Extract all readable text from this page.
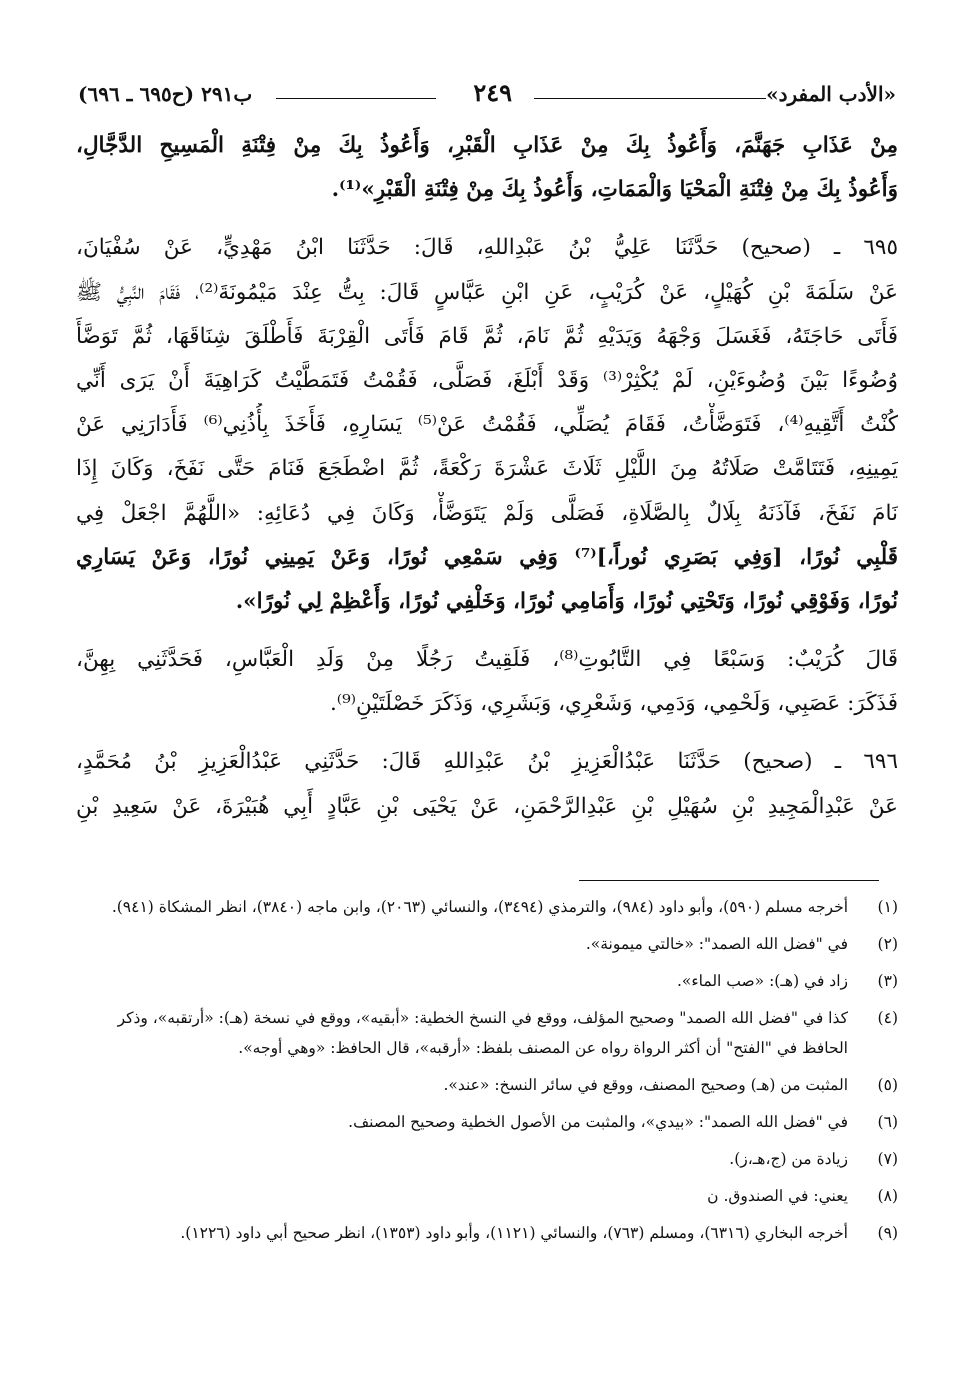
«الأدب المفرد»
٢٤٩
ب٢٩١ (ح٦٩٥ ـ ٦٩٦)
مِنْ عَذَابِ جَهَنَّمَ، وَأَعُوذُ بِكَ مِنْ عَذَابِ الْقَبْرِ، وَأَعُوذُ بِكَ مِنْ فِتْنَةِ الْمَسِيحِ الدَّجَّالِ،
وَأَعُوذُ بِكَ مِنْ فِتْنَةِ الْمَحْيَا وَالْمَمَاتِ، وَأَعُوذُ بِكَ مِنْ فِتْنَةِ الْقَبْرِ»⁽¹⁾.
٦٩٥ ـ (صحيح) حَدَّثَنَا عَلِيُّ بْنُ عَبْدِاللهِ، قَالَ: حَدَّثَنَا ابْنُ مَهْدِيٍّ، عَنْ سُفْيَانَ،
عَنْ سَلَمَةَ بْنِ كُهَيْلٍ، عَنْ كُرَيْبٍ، عَنِ ابْنِ عَبَّاسٍ قَالَ: بِتُّ عِنْدَ مَيْمُونَةَ⁽²⁾، فَقَامَ النَّبِيُّ ﷺ
فَأَتَى حَاجَتَهُ، فَغَسَلَ وَجْهَهُ وَيَدَيْهِ ثُمَّ نَامَ، ثُمَّ قَامَ فَأَتَى الْقِرْبَةَ فَأَطْلَقَ شِنَاقَهَا، ثُمَّ تَوَضَّأَ
وُضُوءًا بَيْنَ وُضُوءَيْنِ، لَمْ يُكْثِرْ⁽³⁾ وَقَدْ أَبْلَغَ، فَصَلَّى، فَقُمْتُ فَتَمَطَّيْتُ كَرَاهِيَةَ أَنْ يَرَى أَنِّي
كُنْتُ أَتَّقِيهِ⁽⁴⁾، فَتَوَضَّأْتُ، فَقَامَ يُصَلِّي، فَقُمْتُ عَنْ⁽⁵⁾ يَسَارِهِ، فَأَخَذَ بِأُذُنِي⁽⁶⁾ فَأَدَارَنِي عَنْ
يَمِينِهِ، فَتَتَامَّتْ صَلَاتُهُ مِنَ اللَّيْلِ ثَلَاثَ عَشْرَةَ رَكْعَةً، ثُمَّ اضْطَجَعَ فَنَامَ حَتَّى نَفَخَ، وَكَانَ إِذَا
نَامَ نَفَخَ، فَآذَنَهُ بِلَالٌ بِالصَّلَاةِ، فَصَلَّى وَلَمْ يَتَوَضَّأْ، وَكَانَ فِي دُعَائِهِ: «اللَّهُمَّ اجْعَلْ فِي
قَلْبِي نُورًا، [وَفِي بَصَرِي نُوراً،]⁽⁷⁾ وَفِي سَمْعِي نُورًا، وَعَنْ يَمِينِي نُورًا، وَعَنْ يَسَارِي
نُورًا، وَفَوْقِي نُورًا، وَتَحْتِي نُورًا، وَأَمَامِي نُورًا، وَخَلْفِي نُورًا، وَأَعْظِمْ لِي نُورًا».
قَالَ كُرَيْبٌ: وَسَبْعًا فِي التَّابُوتِ⁽⁸⁾، فَلَقِيتُ رَجُلًا مِنْ وَلَدِ الْعَبَّاسِ، فَحَدَّثَنِي بِهِنَّ،
فَذَكَرَ: عَصَبِي، وَلَحْمِي، وَدَمِي، وَشَعْرِي، وَبَشَرِي، وَذَكَرَ خَصْلَتَيْنِ⁽⁹⁾.
٦٩٦ ـ (صحيح) حَدَّثَنَا عَبْدُالْعَزِيزِ بْنُ عَبْدِاللهِ قَالَ: حَدَّثَنِي عَبْدُالْعَزِيزِ بْنُ مُحَمَّدٍ،
عَنْ عَبْدِالْمَجِيدِ بْنِ سُهَيْلِ بْنِ عَبْدِالرَّحْمَنِ، عَنْ يَحْيَى بْنِ عَبَّادٍ أَبِي هُبَيْرَةَ، عَنْ سَعِيدِ بْنِ
(١)
أخرجه مسلم (٥٩٠)، وأبو داود (٩٨٤)، والترمذي (٣٤٩٤)، والنسائي (٢٠٦٣)، وابن ماجه (٣٨٤٠)، انظر المشكاة (٩٤١).
(٢)
في "فضل الله الصمد": «خالتي ميمونة».
(٣)
زاد في (هـ): «صب الماء».
(٤)
كذا في "فضل الله الصمد" وصحيح المؤلف، ووقع في النسخ الخطية: «أبقيه»، ووقع في نسخة (هـ): «أرتقبه»، وذكر الحافظ في "الفتح" أن أكثر الرواة رواه عن المصنف بلفظ: «أرقبه»، قال الحافظ: «وهي أوجه».
(٥)
المثبت من (هـ) وصحيح المصنف، ووقع في سائر النسخ: «عند».
(٦)
في "فضل الله الصمد": «بيدي»، والمثبت من الأصول الخطية وصحيح المصنف.
(٧)
زيادة من (ج،هـ،ز).
(٨)
يعني: في الصندوق. ن
(٩)
أخرجه البخاري (٦٣١٦)، ومسلم (٧٦٣)، والنسائي (١١٢١)، وأبو داود (١٣٥٣)، انظر صحيح أبي داود (١٢٢٦).
